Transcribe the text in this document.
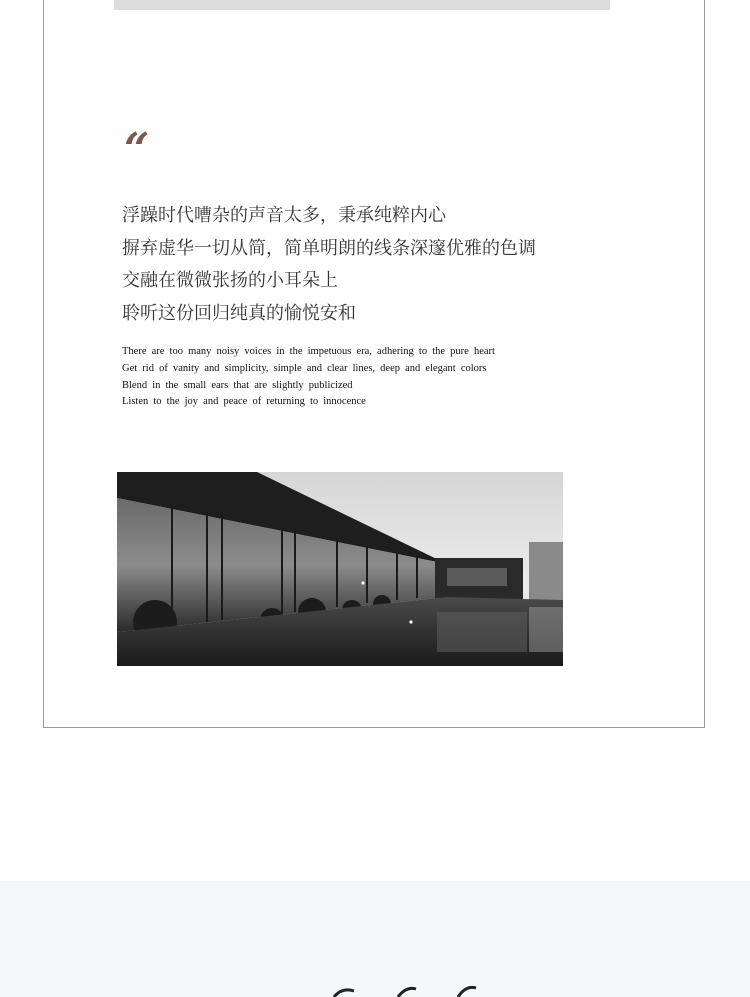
“
浮躁时代嘈杂的声音太多，秉承纯粹内心
摒弃虚华一切从简，简单明朗的线条深邃优雅的色调
交融在微微张扬的小耳朵上
聆听这份回归纯真的愉悦安和
There are too many noisy voices in the impetuous era, adhering to the pure heart
Get rid of vanity and simplicity, simple and clear lines, deep and elegant colors
Blend in the small ears that are slightly publicized
Listen to the joy and peace of returning to innocence
